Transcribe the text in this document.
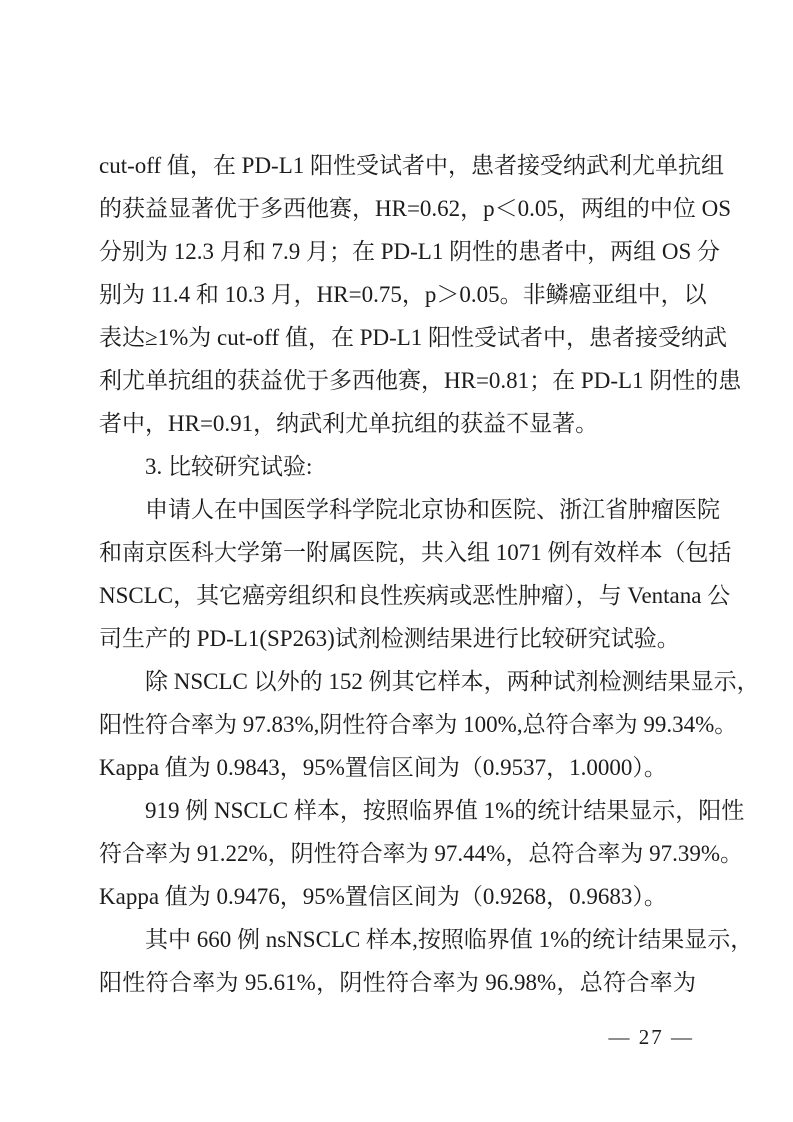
cut-off 值，在 PD-L1 阳性受试者中，患者接受纳武利尤单抗组
的获益显著优于多西他赛，HR=0.62，p＜0.05，两组的中位 OS
分别为 12.3 月和 7.9 月；在 PD-L1 阴性的患者中，两组 OS 分
别为 11.4 和 10.3 月，HR=0.75，p＞0.05。非鳞癌亚组中，以
表达≥1%为 cut-off 值，在 PD-L1 阳性受试者中，患者接受纳武
利尤单抗组的获益优于多西他赛，HR=0.81；在 PD-L1 阴性的患
者中，HR=0.91，纳武利尤单抗组的获益不显著。
3. 比较研究试验:
申请人在中国医学科学院北京协和医院、浙江省肿瘤医院
和南京医科大学第一附属医院，共入组 1071 例有效样本（包括
NSCLC，其它癌旁组织和良性疾病或恶性肿瘤），与 Ventana 公
司生产的 PD-L1(SP263)试剂检测结果进行比较研究试验。
除 NSCLC 以外的 152 例其它样本，两种试剂检测结果显示，
阳性符合率为 97.83%,阴性符合率为 100%,总符合率为 99.34%。
Kappa 值为 0.9843，95%置信区间为（0.9537，1.0000）。
919 例 NSCLC 样本，按照临界值 1%的统计结果显示，阳性
符合率为 91.22%，阴性符合率为 97.44%，总符合率为 97.39%。
Kappa 值为 0.9476，95%置信区间为（0.9268，0.9683）。
其中 660 例 nsNSCLC 样本,按照临界值 1%的统计结果显示，
阳性符合率为 95.61%，阴性符合率为 96.98%，总符合率为
— 27 —
